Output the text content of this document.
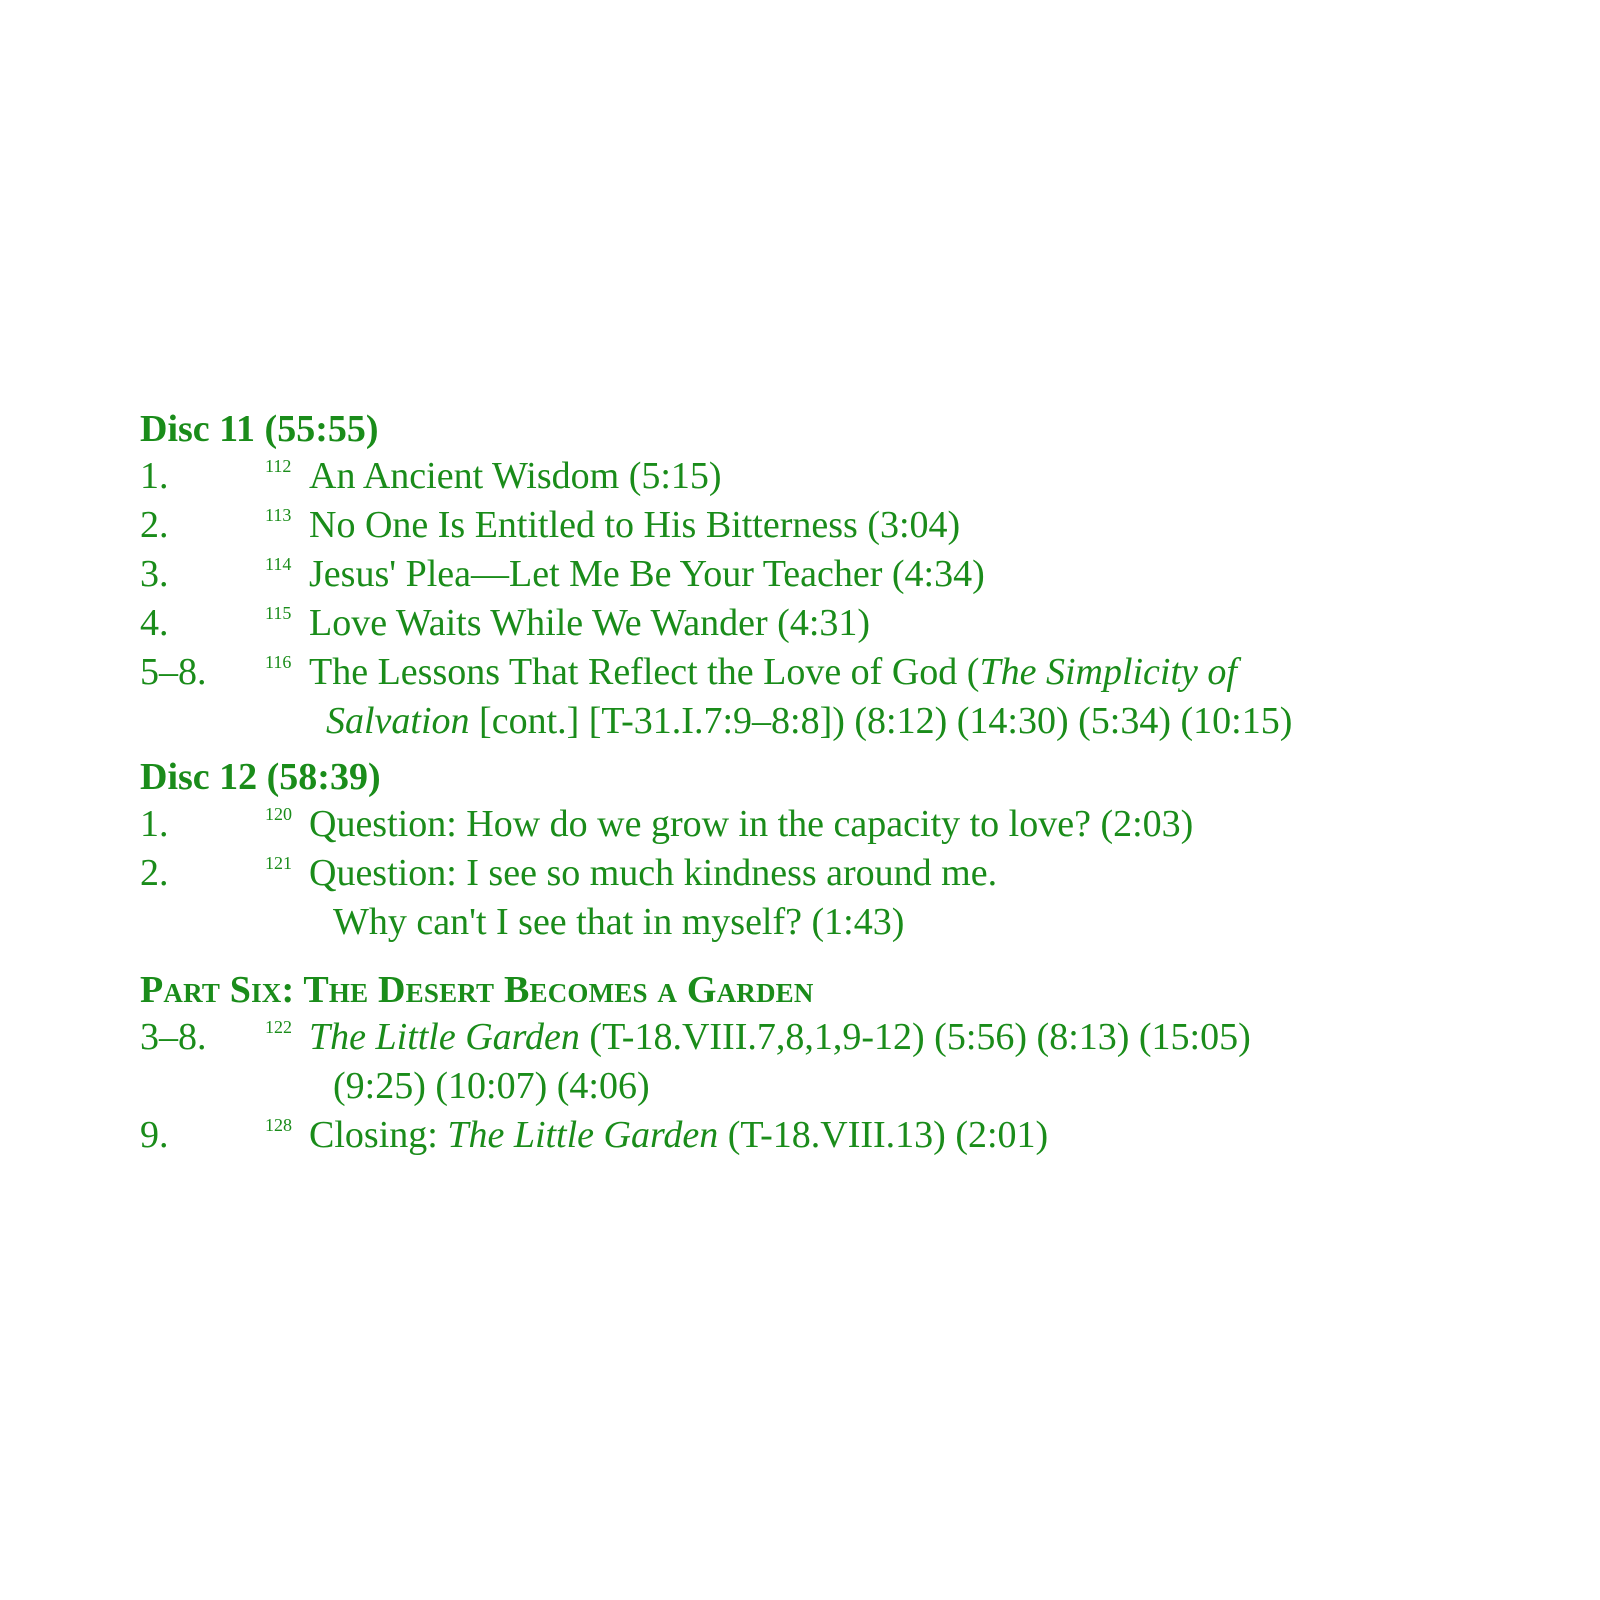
Disc 11 (55:55)
1.	112 An Ancient Wisdom (5:15)
2.	113 No One Is Entitled to His Bitterness (3:04)
3.	114 Jesus' Plea—Let Me Be Your Teacher (4:34)
4.	115 Love Waits While We Wander (4:31)
5–8.	116 The Lessons That Reflect the Love of God (The Simplicity of
Salvation [cont.] [T-31.I.7:9–8:8]) (8:12) (14:30) (5:34) (10:15)
Disc 12 (58:39)
1.	120 Question: How do we grow in the capacity to love? (2:03)
2.	121 Question: I see so much kindness around me.
Why can't I see that in myself? (1:43)
Part Six: The Desert Becomes a Garden
3–8.	122 The Little Garden (T-18.VIII.7,8,1,9-12) (5:56) (8:13) (15:05)
(9:25) (10:07) (4:06)
9.	128 Closing: The Little Garden (T-18.VIII.13) (2:01)
